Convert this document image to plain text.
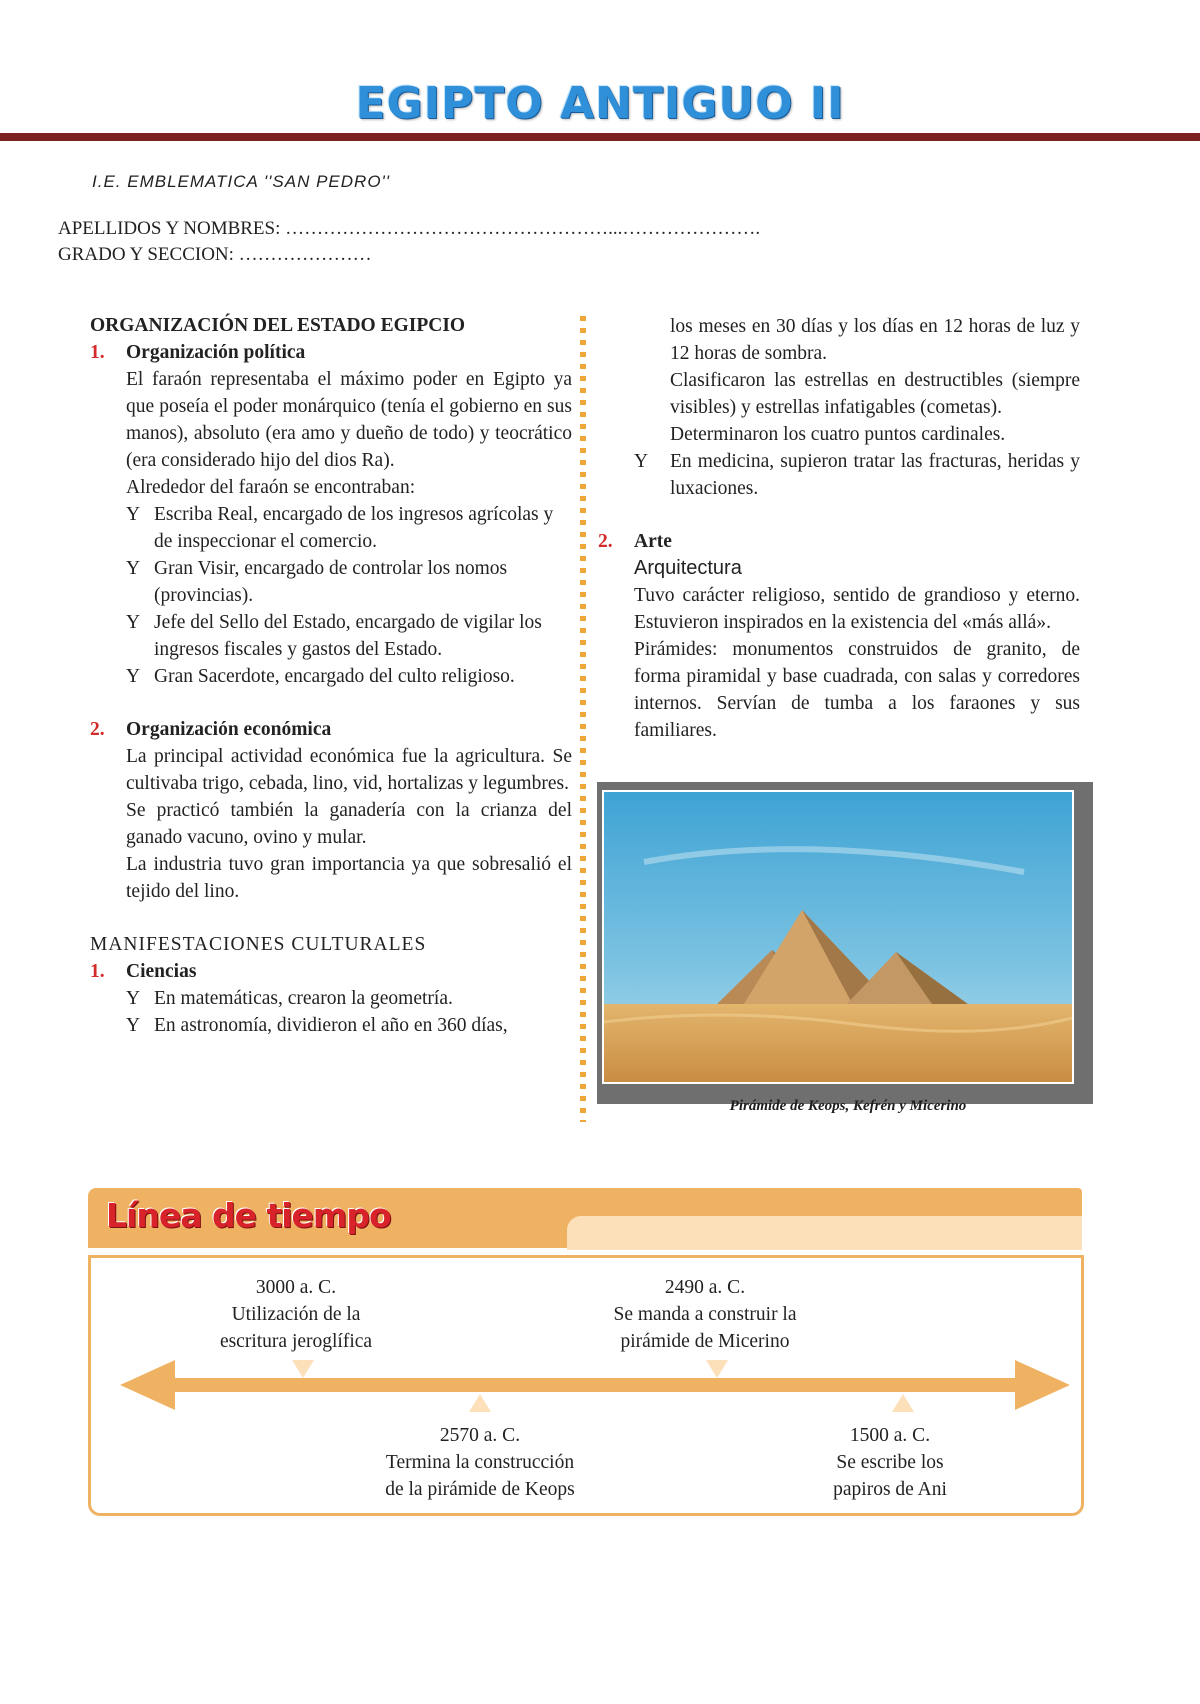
EGIPTO ANTIGUO II
I.E. EMBLEMATICA ''SAN PEDRO''
APELLIDOS Y NOMBRES: ……………………………………………...………………….
GRADO Y SECCION: …………………

ORGANIZACIÓN DEL ESTADO EGIPCIO

1. Organización política

El faraón representaba el máximo poder en Egipto ya que poseía el poder monárquico (tenía el gobierno en sus manos), absoluto (era amo y dueño de todo) y teocrático (era considerado hijo del dios Ra).

Alrededor del faraón se encontraban:

Y Escriba Real, encargado de los ingresos agrícolas y de inspeccionar el comercio.

Y Gran Visir, encargado de controlar los nomos (provincias).

Y Jefe del Sello del Estado, encargado de vigilar los ingresos fiscales y gastos del Estado.

Y Gran Sacerdote, encargado del culto religioso.

2. Organización económica

La principal actividad económica fue la agricultura. Se cultivaba trigo, cebada, lino, vid, hortalizas y legumbres.

Se practicó también la ganadería con la crianza del ganado vacuno, ovino y mular.

La industria tuvo gran importancia ya que sobresalió el tejido del lino.

MANIFESTACIONES CULTURALES

1. Ciencias

Y En matemáticas, crearon la geometría.

Y En astronomía, dividieron el año en 360 días,

los meses en 30 días y los días en 12 horas de luz y 12 horas de sombra.

Clasificaron las estrellas en destructibles (siempre visibles) y estrellas infatigables (cometas).

Determinaron los cuatro puntos cardinales.

Y En medicina, supieron tratar las fracturas, heridas y luxaciones.

2. Arte

Arquitectura

Tuvo carácter religioso, sentido de grandioso y eterno. Estuvieron inspirados en la existencia del «más allá».

Pirámides: monumentos construidos de granito, de forma piramidal y base cuadrada, con salas y corredores internos. Servían de tumba a los faraones y sus familiares.

Pirámide de Keops, Kefrén y Micerino
Línea de tiempo
3000 a. C.
Utilización de la
escritura jeroglífica
2490 a. C.
Se manda a construir la
pirámide de Micerino
2570 a. C.
Termina la construcción
de la pirámide de Keops
1500 a. C.
Se escribe los
papiros de Ani
